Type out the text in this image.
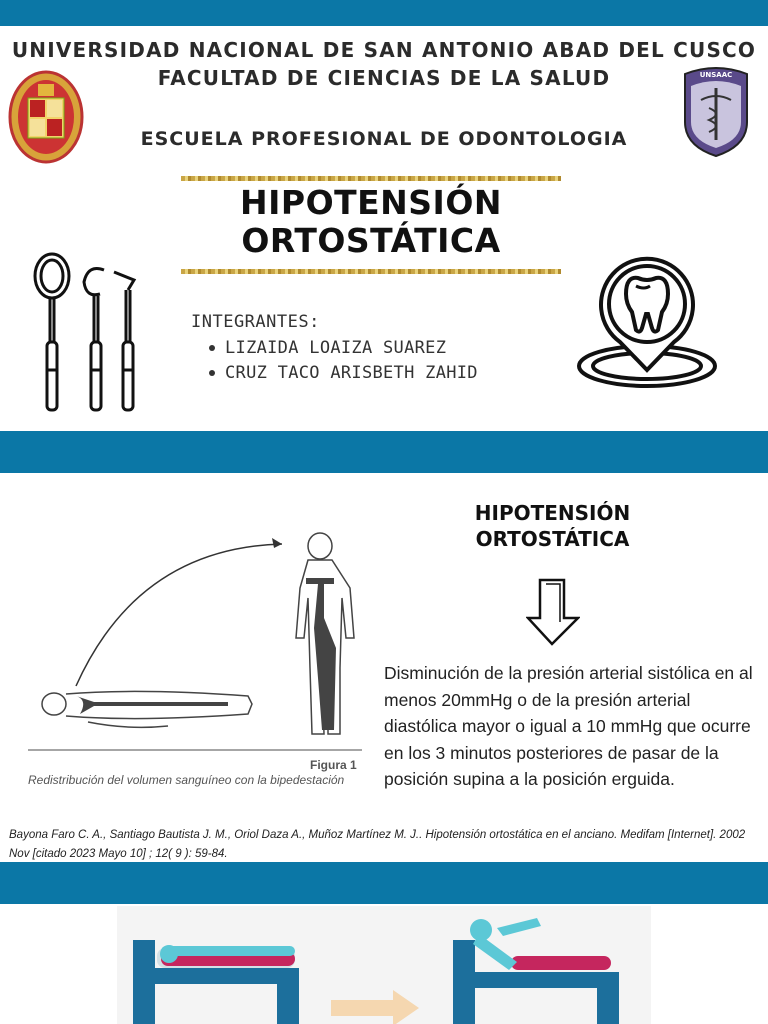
UNSAAC
UNIVERSIDAD NACIONAL DE SAN ANTONIO ABAD DEL CUSCO
FACULTAD DE CIENCIAS DE LA SALUD
ESCUELA PROFESIONAL DE ODONTOLOGIA
HIPOTENSIÓN
ORTOSTÁTICA
INTEGRANTES:
LIZAIDA LOAIZA SUAREZ
CRUZ TACO ARISBETH ZAHID
Figura 1
Redistribución del volumen sanguíneo con la bipedestación
HIPOTENSIÓN
ORTOSTÁTICA
Disminución de la presión arterial sistólica en al menos 20mmHg o de la presión arterial diastólica mayor o igual a 10 mmHg que ocurre en los 3 minutos posteriores de pasar de la posición supina a la posición erguida.
Bayona Faro C. A., Santiago Bautista J. M., Oriol Daza A., Muñoz Martínez M. J.. Hipotensión ortostática en el anciano. Medifam [Internet]. 2002 Nov [citado 2023 Mayo 10] ; 12( 9 ): 59-84.
